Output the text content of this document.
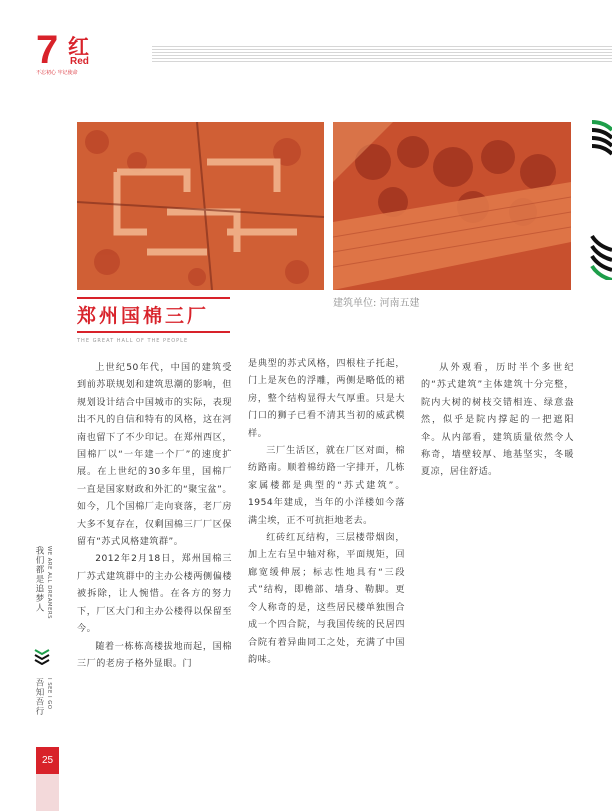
7 红
Red
不忘初心 牢记使命
郑州国棉三厂
THE GREAT HALL OF THE PEOPLE
建筑单位: 河南五建

上世纪50年代，中国的建筑受到前苏联规划和建筑思潮的影响，但规划设计结合中国城市的实际，表现出不凡的自信和特有的风格，这在河南也留下了不少印记。在郑州西区，国棉厂以“一年建一个厂”的速度扩展。在上世纪的30多年里，国棉厂一直是国家财政和外汇的“聚宝盆”。如今，几个国棉厂走向衰落，老厂房大多不复存在，仅剩国棉三厂厂区保留有“苏式风格建筑群”。

2012年2月18日，郑州国棉三厂苏式建筑群中的主办公楼两侧偏楼被拆除，让人惋惜。在各方的努力下，厂区大门和主办公楼得以保留至今。

随着一栋栋高楼拔地而起，国棉三厂的老房子格外显眼。门

是典型的苏式风格，四根柱子托起，门上是灰色的浮雕，两侧是略低的裙房，整个结构显得大气厚重。只是大门口的狮子已看不清其当初的威武模样。

三厂生活区，就在厂区对面，棉纺路南。顺着棉纺路一字排开，几栋家属楼都是典型的“苏式建筑”。1954年建成，当年的小洋楼如今落满尘埃，正不可抗拒地老去。

红砖红瓦结构，三层楼带烟囱，加上左右呈中轴对称，平面规矩，回廊宽缓伸展；标志性地具有“三段式”结构，即檐部、墙身、勒脚。更令人称奇的是，这些居民楼单独围合成一个四合院，与我国传统的民居四合院有着异曲同工之处，充满了中国韵味。

从外观看，历时半个多世纪的“苏式建筑”主体建筑十分完整，院内大树的树枝交错相连、绿意盎然，似乎是院内撑起的一把遮阳伞。从内部看，建筑质量依然令人称奇，墙壁较厚、地基坚实，冬暖夏凉，居住舒适。

我们都是追梦人 WE ARE ALL DREAMERS
吾知吾行 I SEE I GO
25
